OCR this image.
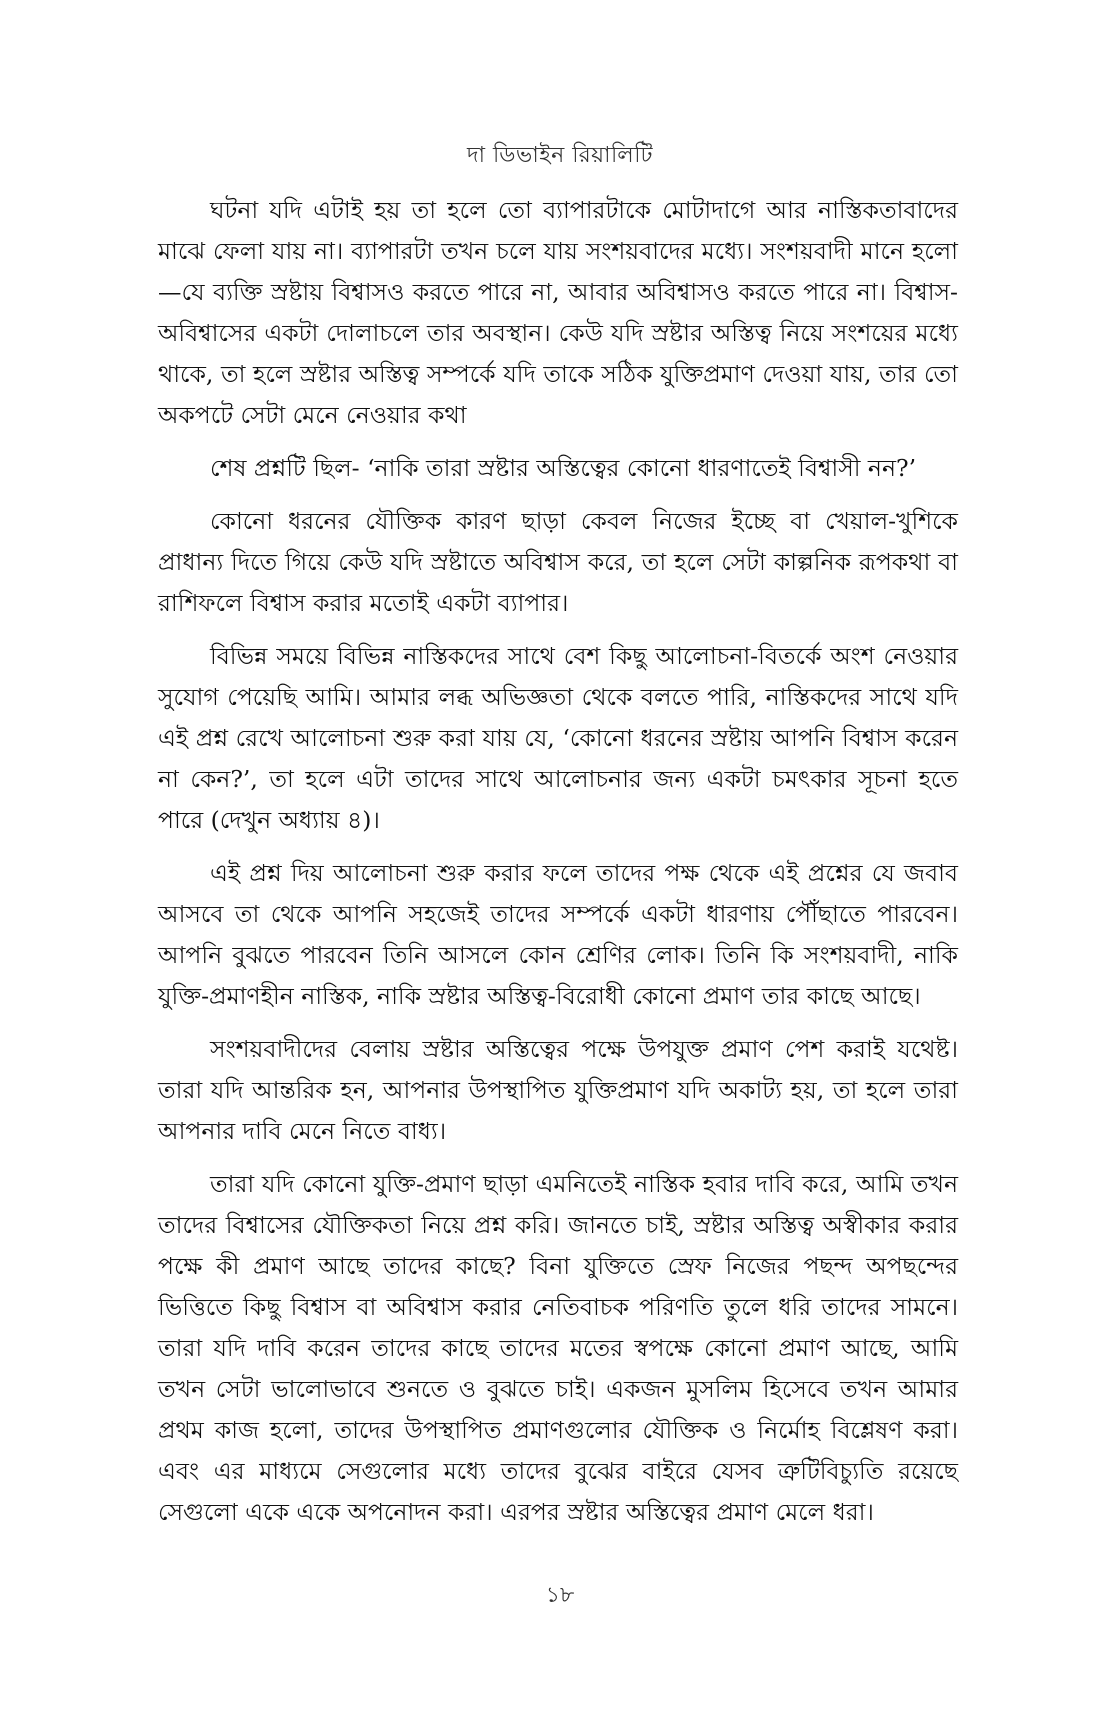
দা ডিভাইন রিয়ালিটি

ঘটনা যদি এটাই হয় তা হলে তো ব্যাপারটাকে মোটাদাগে আর নাস্তিকতাবাদের মাঝে ফেলা যায় না। ব্যাপারটা তখন চলে যায় সংশয়বাদের মধ্যে। সংশয়বাদী মানে হলো—যে ব্যক্তি স্রষ্টায় বিশ্বাসও করতে পারে না, আবার অবিশ্বাসও করতে পারে না। বিশ্বাস-অবিশ্বাসের একটা দোলাচলে তার অবস্থান। কেউ যদি স্রষ্টার অস্তিত্ব নিয়ে সংশয়ের মধ্যে থাকে, তা হলে স্রষ্টার অস্তিত্ব সম্পর্কে যদি তাকে সঠিক যুক্তিপ্রমাণ দেওয়া যায়, তার তো অকপটে সেটা মেনে নেওয়ার কথা

শেষ প্রশ্নটি ছিল- ‘নাকি তারা স্রষ্টার অস্তিত্বের কোনো ধারণাতেই বিশ্বাসী নন?’

কোনো ধরনের যৌক্তিক কারণ ছাড়া কেবল নিজের ইচ্ছে বা খেয়াল-খুশিকে প্রাধান্য দিতে গিয়ে কেউ যদি স্রষ্টাতে অবিশ্বাস করে, তা হলে সেটা কাল্পনিক রূপকথা বা রাশিফলে বিশ্বাস করার মতোই একটা ব্যাপার।

বিভিন্ন সময়ে বিভিন্ন নাস্তিকদের সাথে বেশ কিছু আলোচনা-বিতর্কে অংশ নেওয়ার সুযোগ পেয়েছি আমি। আমার লব্ধ অভিজ্ঞতা থেকে বলতে পারি, নাস্তিকদের সাথে যদি এই প্রশ্ন রেখে আলোচনা শুরু করা যায় যে, ‘কোনো ধরনের স্রষ্টায় আপনি বিশ্বাস করেন না কেন?’, তা হলে এটা তাদের সাথে আলোচনার জন্য একটা চমৎকার সূচনা হতে পারে (দেখুন অধ্যায় ৪)।

এই প্রশ্ন দিয় আলোচনা শুরু করার ফলে তাদের পক্ষ থেকে এই প্রশ্নের যে জবাব আসবে তা থেকে আপনি সহজেই তাদের সম্পর্কে একটা ধারণায় পৌঁছাতে পারবেন। আপনি বুঝতে পারবেন তিনি আসলে কোন শ্রেণির লোক। তিনি কি সংশয়বাদী, নাকি যুক্তি-প্রমাণহীন নাস্তিক, নাকি স্রষ্টার অস্তিত্ব-বিরোধী কোনো প্রমাণ তার কাছে আছে।

সংশয়বাদীদের বেলায় স্রষ্টার অস্তিত্বের পক্ষে উপযুক্ত প্রমাণ পেশ করাই যথেষ্ট। তারা যদি আন্তরিক হন, আপনার উপস্থাপিত যুক্তিপ্রমাণ যদি অকাট্য হয়, তা হলে তারা আপনার দাবি মেনে নিতে বাধ্য।

তারা যদি কোনো যুক্তি-প্রমাণ ছাড়া এমনিতেই নাস্তিক হবার দাবি করে, আমি তখন তাদের বিশ্বাসের যৌক্তিকতা নিয়ে প্রশ্ন করি। জানতে চাই, স্রষ্টার অস্তিত্ব অস্বীকার করার পক্ষে কী প্রমাণ আছে তাদের কাছে? বিনা যুক্তিতে স্রেফ নিজের পছন্দ অপছন্দের ভিত্তিতে কিছু বিশ্বাস বা অবিশ্বাস করার নেতিবাচক পরিণতি তুলে ধরি তাদের সামনে। তারা যদি দাবি করেন তাদের কাছে তাদের মতের স্বপক্ষে কোনো প্রমাণ আছে, আমি তখন সেটা ভালোভাবে শুনতে ও বুঝতে চাই। একজন মুসলিম হিসেবে তখন আমার প্রথম কাজ হলো, তাদের উপস্থাপিত প্রমাণগুলোর যৌক্তিক ও নির্মোহ বিশ্লেষণ করা। এবং এর মাধ্যমে সেগুলোর মধ্যে তাদের বুঝের বাইরে যেসব ত্রুটিবিচ্যুতি রয়েছে সেগুলো একে একে অপনোদন করা। এরপর স্রষ্টার অস্তিত্বের প্রমাণ মেলে ধরা।

১৮
